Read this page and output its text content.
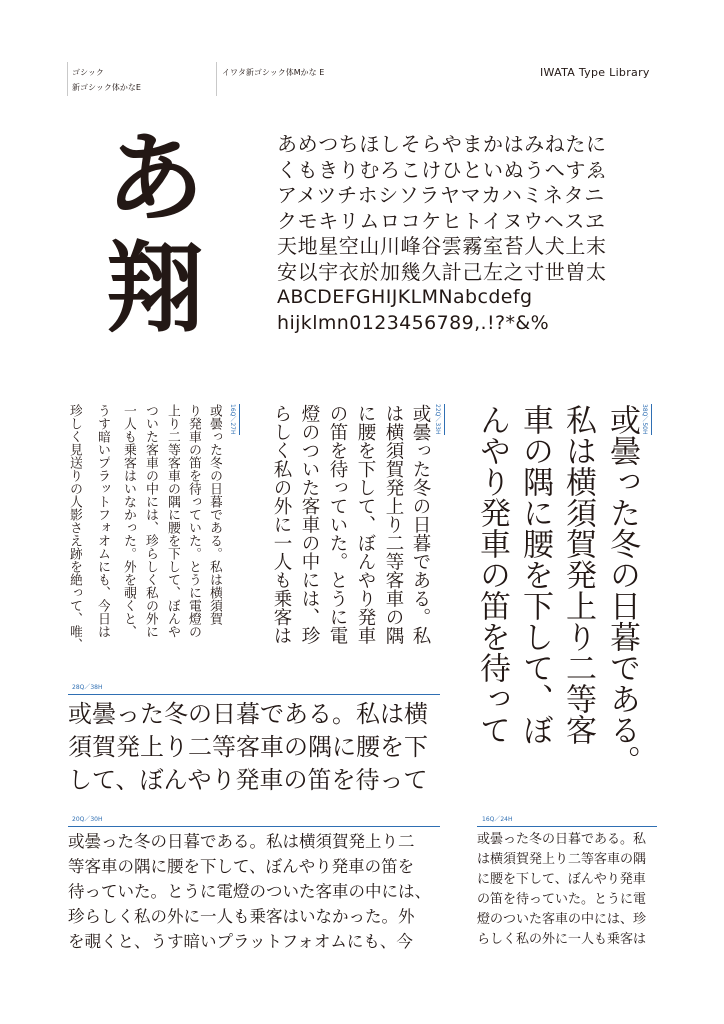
ゴシック
新ゴシック体かなE
イワタ新ゴシック体Mかな E	IWATA Type Library
あ
翔
あめつちほしそらやまかはみねたに
くもきりむろこけひといぬうへすゑ
アメツチホシソラヤマカハミネタニ
クモキリムロコケヒトイヌウヘスヱ
天地星空山川峰谷雲霧室苔人犬上末
安以宇衣於加幾久計己左之寸世曽太
ABCDEFGHIJKLMNabcdefg
hijklmn0123456789,.!?*&%
38Q／50H
或曇った冬の日暮である。
私は横須賀発上り二等客
車の隅に腰を下して、ぼ
んやり発車の笛を待って
22Q／33H
或曇った冬の日暮である。私
は横須賀発上り二等客車の隅
に腰を下して、ぼんやり発車
の笛を待っていた。とうに電
燈のついた客車の中には、珍
らしく私の外に一人も乗客は
16Q／27H
或曇った冬の日暮である。私は横須賀
り発車の笛を待っていた。とうに電燈の
上り二等客車の隅に腰を下して、ぼんや
ついた客車の中には、珍らしく私の外に
一人も乗客はいなかった。外を覗くと、
うす暗いプラットフォオムにも、今日は
珍しく見送りの人影さえ跡を絶って、唯、
28Q／38H
或曇った冬の日暮である。私は横
須賀発上り二等客車の隅に腰を下
して、ぼんやり発車の笛を待って
20Q／30H
或曇った冬の日暮である。私は横須賀発上り二
等客車の隅に腰を下して、ぼんやり発車の笛を
待っていた。とうに電燈のついた客車の中には、
珍らしく私の外に一人も乗客はいなかった。外
を覗くと、うす暗いプラットフォオムにも、今
16Q／24H
或曇った冬の日暮である。私
は横須賀発上り二等客車の隅
に腰を下して、ぼんやり発車
の笛を待っていた。とうに電
燈のついた客車の中には、珍
らしく私の外に一人も乗客は
